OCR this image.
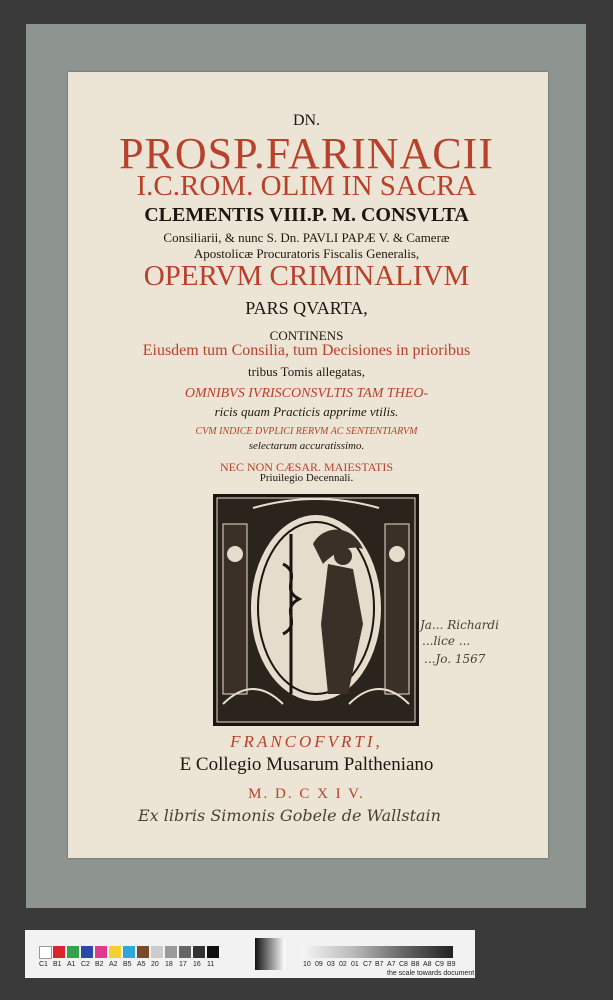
DN.
PROSP.FARINACII
I.C.ROM. OLIM IN SACRA
CLEMENTIS VIII.P. M. CONSVLTA
Consiliarii, & nunc S. Dn. PAVLI PAPÆ V. & Cameræ
Apostolicæ Procuratoris Fiscalis Generalis,
OPERVM CRIMINALIVM
PARS QVARTA,
CONTINENS
Eiusdem tum Consilia, tum Decisiones in prioribus
tribus Tomis allegatas,
OMNIBVS IVRISCONSVLTIS TAM THEO-
ricis quam Practicis apprime vtilis.
CVM INDICE DVPLICI RERVM AC SENTENTIARVM
selectarum accuratissimo.
NEC NON CÆSAR. MAIESTATIS
Priuilegio Decennali.
Ja... Richardi
...lice ...
...Jo. 1567
FRANCOFVRTI,
E Collegio Musarum Paltheniano
M. D. C X I V.
Ex libris Simonis Gobele de Wallstain
C1 B1 A1 C2 B2 A2 B5 A5 20 18 17 16 11	10 09 03 02 01 C7 B7 A7 C8 B8 A8 C9 B9
the scale towards document
